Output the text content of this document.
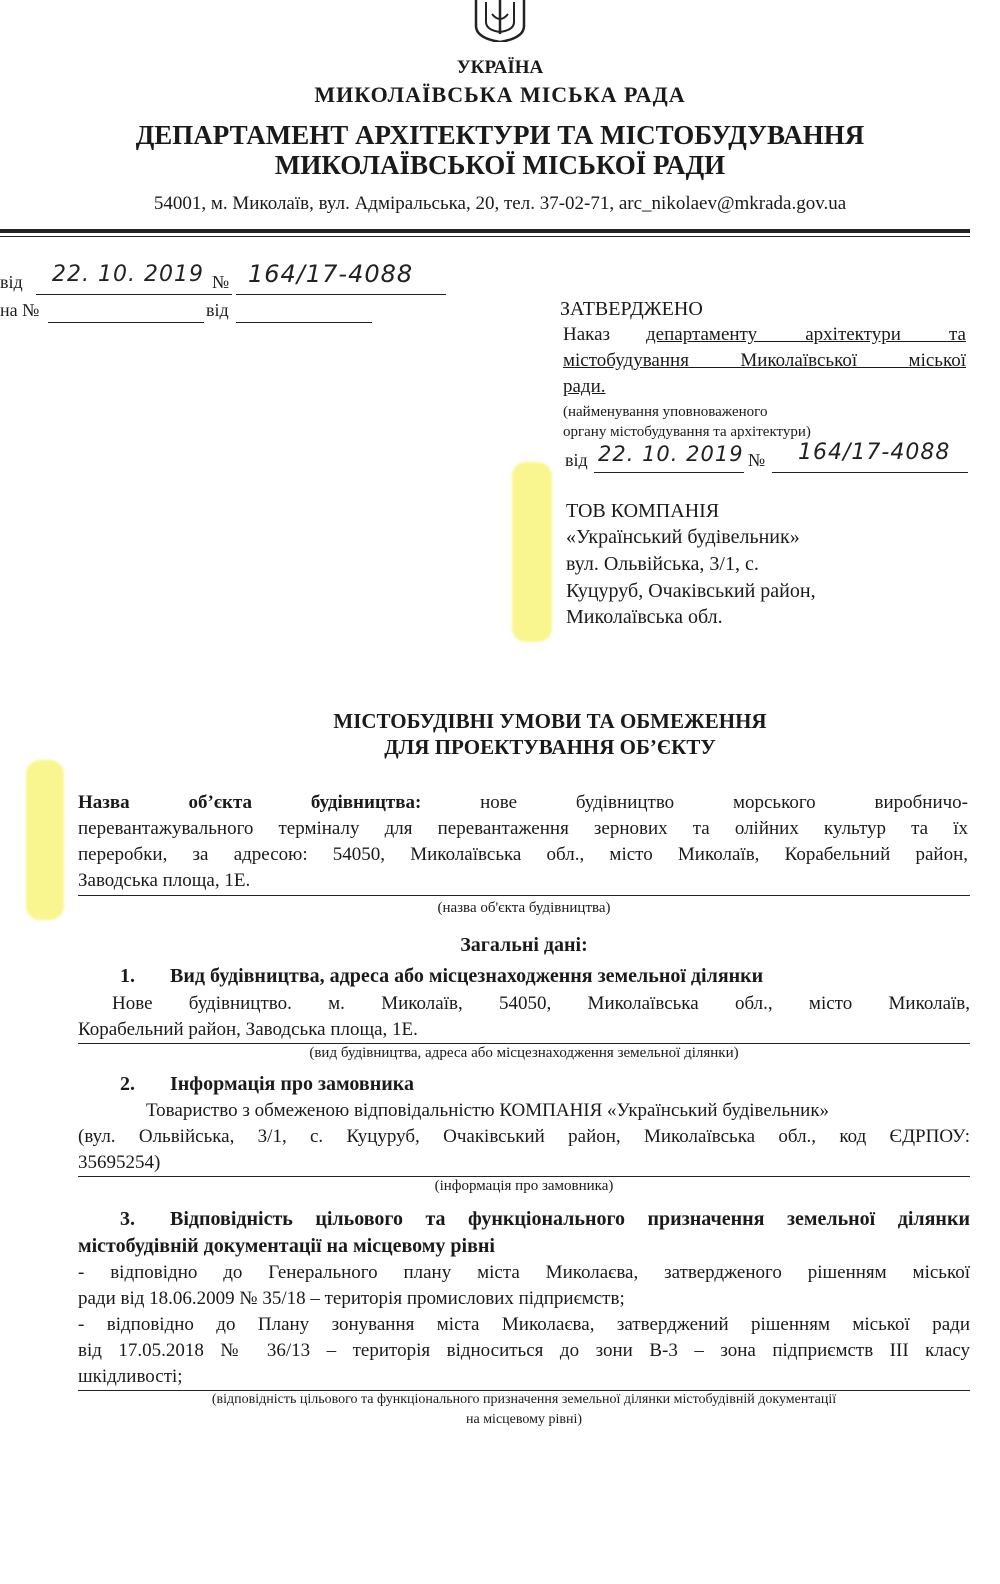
УКРАЇНА
МИКОЛАЇВСЬКА МІСЬКА РАДА
ДЕПАРТАМЕНТ АРХІТЕКТУРИ ТА МІСТОБУДУВАННЯ
МИКОЛАЇВСЬКОЇ МІСЬКОЇ РАДИ
54001, м. Миколаїв, вул. Адміральська, 20, тел. 37-02-71, arc_nikolaev@mkrada.gov.ua
від 22. 10. 2019 № 164/17-4088
на №	від	ЗАТВЕРДЖЕНО
Наказ департаменту архітектури та
містобудування Миколаївської міської
ради.
(найменування уповноваженого
органу містобудування та архітектури)
від 22. 10. 2019 № 164/17-4088
ТОВ КОМПАНІЯ
«Український будівельник»
вул. Ольвійська, 3/1, с.
Куцуруб, Очаківський район,
Миколаївська обл.
МІСТОБУДІВНІ УМОВИ ТА ОБМЕЖЕННЯ
ДЛЯ ПРОЕКТУВАННЯ ОБ’ЄКТУ
Назва об’єкта будівництва:	нове будівництво морського виробничо-
перевантажувального терміналу для перевантаження зернових та олійних культур та їх
переробки, за адресою: 54050, Миколаївська обл., місто Миколаїв, Корабельний район,
Заводська площа, 1Е.
(назва об'єкта будівництва)
Загальні дані:
1. Вид будівництва, адреса або місцезнаходження земельної ділянки
Нове будівництво. м. Миколаїв, 54050, Миколаївська обл., місто Миколаїв,
Корабельний район, Заводська площа, 1Е.
(вид будівництва, адреса або місцезнаходження земельної ділянки)
2. Інформація про замовника
Товариство з обмеженою відповідальністю КОМПАНІЯ «Український будівельник»
(вул. Ольвійська, 3/1, с. Куцуруб, Очаківський район, Миколаївська обл., код ЄДРПОУ:
35695254)
(інформація про замовника)
3. Відповідність цільового та функціонального призначення земельної ділянки
містобудівній документації на місцевому рівні
- відповідно до Генерального плану міста Миколаєва, затвердженого рішенням міської
ради від 18.06.2009 № 35/18 – територія промислових підприємств;
- відповідно до Плану зонування міста Миколаєва, затверджений рішенням міської ради
від 17.05.2018 № 36/13 – територія відноситься до зони В-3 – зона підприємств ІІІ класу
шкідливості;
(відповідність цільового та функціонального призначення земельної ділянки містобудівній документації
на місцевому рівні)
